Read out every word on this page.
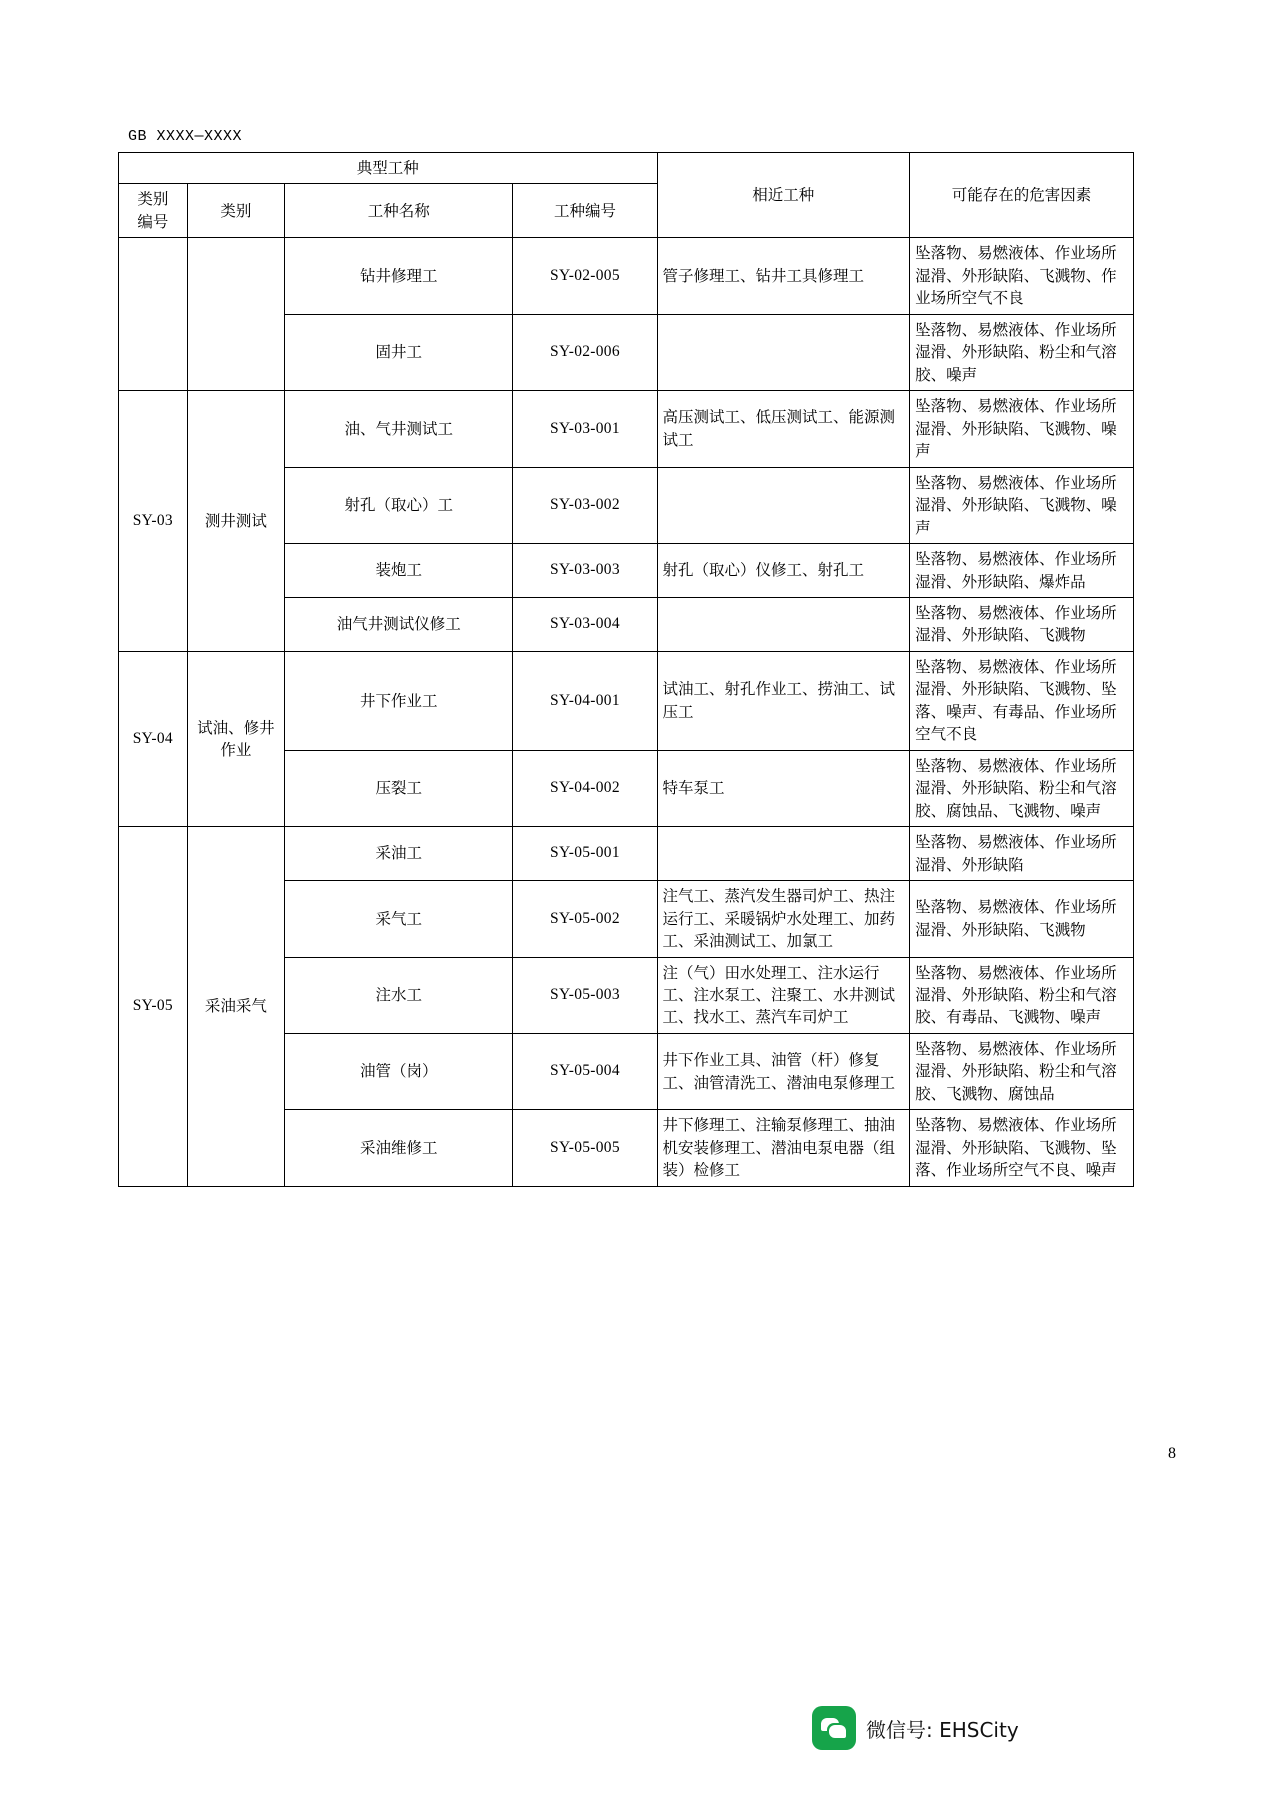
GB XXXX—XXXX
典型工种				相近工种	可能存在的危害因素
类别
编号	类别	工种名称	工种编号		
		钻井修理工	SY-02-005	管子修理工、钻井工具修理工	坠落物、易燃液体、作业场所湿滑、外形缺陷、飞溅物、作业场所空气不良
		固井工	SY-02-006		坠落物、易燃液体、作业场所湿滑、外形缺陷、粉尘和气溶胶、噪声
SY-03	测井测试	油、气井测试工	SY-03-001	高压测试工、低压测试工、能源测试工	坠落物、易燃液体、作业场所湿滑、外形缺陷、飞溅物、噪声
		射孔（取心）工	SY-03-002		坠落物、易燃液体、作业场所湿滑、外形缺陷、飞溅物、噪声
		装炮工	SY-03-003	射孔（取心）仪修工、射孔工	坠落物、易燃液体、作业场所湿滑、外形缺陷、爆炸品
		油气井测试仪修工	SY-03-004		坠落物、易燃液体、作业场所湿滑、外形缺陷、飞溅物
SY-04	试油、修井作业	井下作业工	SY-04-001	试油工、射孔作业工、捞油工、试压工	坠落物、易燃液体、作业场所湿滑、外形缺陷、飞溅物、坠落、噪声、有毒品、作业场所空气不良
		压裂工	SY-04-002	特车泵工	坠落物、易燃液体、作业场所湿滑、外形缺陷、粉尘和气溶胶、腐蚀品、飞溅物、噪声
SY-05	采油采气	采油工	SY-05-001		坠落物、易燃液体、作业场所湿滑、外形缺陷
		采气工	SY-05-002	注气工、蒸汽发生器司炉工、热注运行工、采暖锅炉水处理工、加药工、采油测试工、加氯工	坠落物、易燃液体、作业场所湿滑、外形缺陷、飞溅物
		注水工	SY-05-003	注（气）田水处理工、注水运行工、注水泵工、注聚工、水井测试工、找水工、蒸汽车司炉工	坠落物、易燃液体、作业场所湿滑、外形缺陷、粉尘和气溶胶、有毒品、飞溅物、噪声
		油管（岗）	SY-05-004	井下作业工具、油管（杆）修复工、油管清洗工、潜油电泵修理工	坠落物、易燃液体、作业场所湿滑、外形缺陷、粉尘和气溶胶、飞溅物、腐蚀品
		采油维修工	SY-05-005	井下修理工、注输泵修理工、抽油机安装修理工、潜油电泵电器（组装）检修工	坠落物、易燃液体、作业场所湿滑、外形缺陷、飞溅物、坠落、作业场所空气不良、噪声
8
微信号: EHSCity
